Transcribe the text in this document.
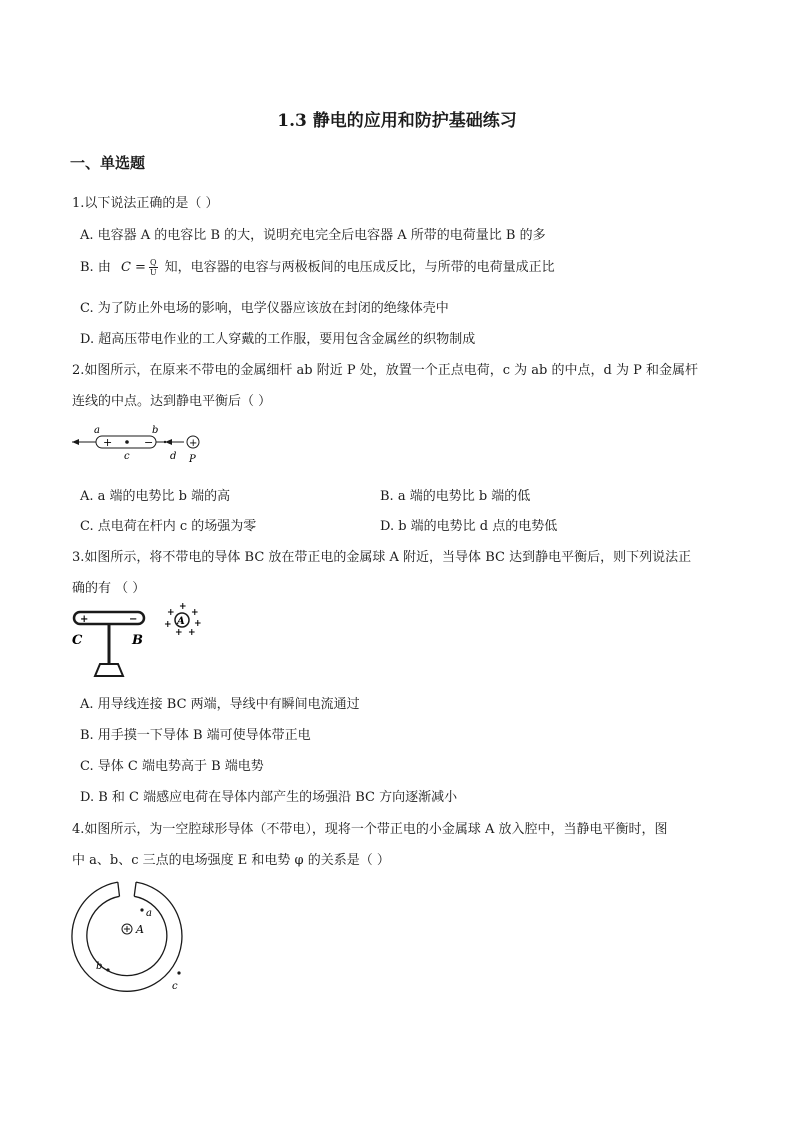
1.3 静电的应用和防护基础练习
一、单选题
1.以下说法正确的是（ ）
A. 电容器 A 的电容比 B 的大，说明充电完全后电容器 A 所带的电荷量比 B 的多
B. 由 $C = \frac{Q}{U}$ 知，电容器的电容与两极板间的电压成反比，与所带的电荷量成正比
C. 为了防止外电场的影响，电学仪器应该放在封闭的绝缘体壳中
D. 超高压带电作业的工人穿戴的工作服，要用包含金属丝的织物制成
2.如图所示，在原来不带电的金属细杆 ab 附近 P 处，放置一个正点电荷，c 为 ab 的中点，d 为 P 和金属杆
连线的中点。达到静电平衡后（ ）
+	−	+
a	b
c	d P
A. a 端的电势比 b 端的高	B. a 端的电势比 b 端的低
C. 点电荷在杆内 c 的场强为零	D. b 端的电势比 d 点的电势低
3.如图所示，将不带电的导体 BC 放在带正电的金属球 A 附近，当导体 BC 达到静电平衡后，则下列说法正
确的有 （ ）
+	−
C	B
A
+
+
+
+
+
+
+
A. 用导线连接 BC 两端，导线中有瞬间电流通过
B. 用手摸一下导体 B 端可使导体带正电
C. 导体 C 端电势高于 B 端电势
D. B 和 C 端感应电荷在导体内部产生的场强沿 BC 方向逐渐减小
4.如图所示，为一空腔球形导体（不带电），现将一个带正电的小金属球 A 放入腔中，当静电平衡时，图
中 a、b、c 三点的电场强度 E 和电势 φ 的关系是（ ）
A
a
b
c
